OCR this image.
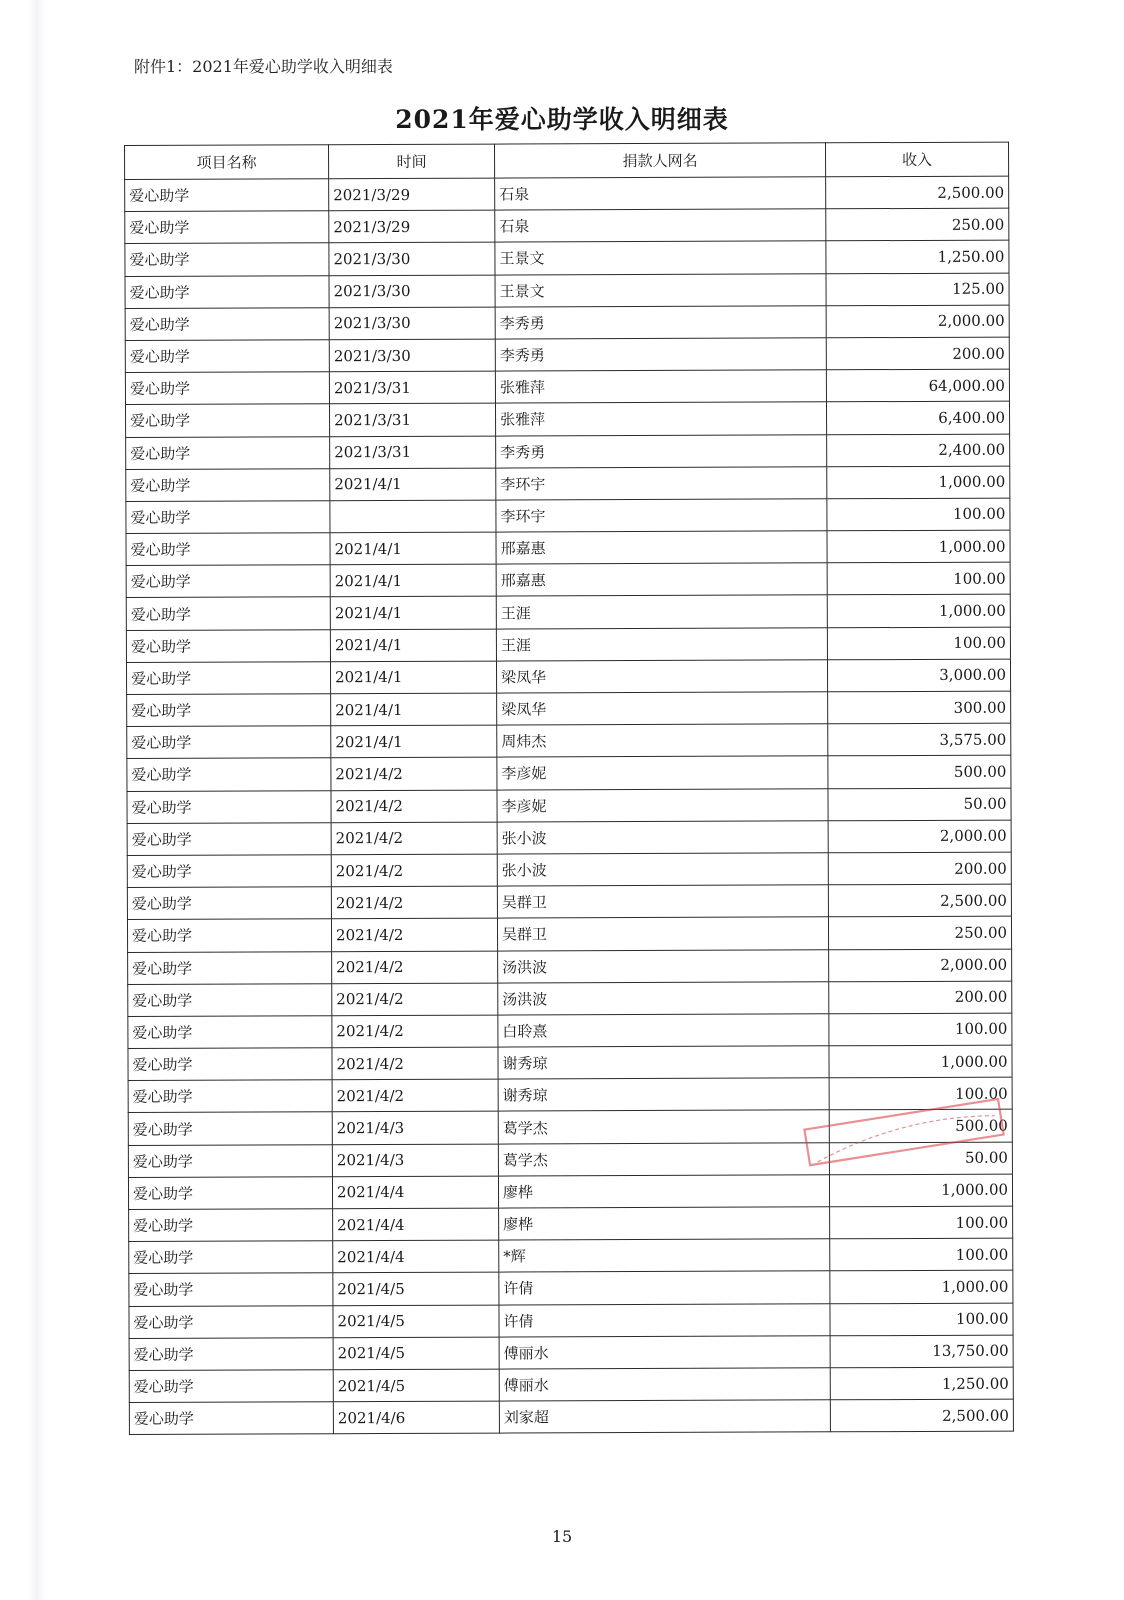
附件1：2021年爱心助学收入明细表
2021年爱心助学收入明细表
项目名称	时间	捐款人网名	收入
爱心助学	2021/3/29	石泉	2,500.00
爱心助学	2021/3/29	石泉	250.00
爱心助学	2021/3/30	王景文	1,250.00
爱心助学	2021/3/30	王景文	125.00
爱心助学	2021/3/30	李秀勇	2,000.00
爱心助学	2021/3/30	李秀勇	200.00
爱心助学	2021/3/31	张雅萍	64,000.00
爱心助学	2021/3/31	张雅萍	6,400.00
爱心助学	2021/3/31	李秀勇	2,400.00
爱心助学	2021/4/1	李环宇	1,000.00
爱心助学		李环宇	100.00
爱心助学	2021/4/1	邢嘉惠	1,000.00
爱心助学	2021/4/1	邢嘉惠	100.00
爱心助学	2021/4/1	王涯	1,000.00
爱心助学	2021/4/1	王涯	100.00
爱心助学	2021/4/1	梁凤华	3,000.00
爱心助学	2021/4/1	梁凤华	300.00
爱心助学	2021/4/1	周炜杰	3,575.00
爱心助学	2021/4/2	李彦妮	500.00
爱心助学	2021/4/2	李彦妮	50.00
爱心助学	2021/4/2	张小波	2,000.00
爱心助学	2021/4/2	张小波	200.00
爱心助学	2021/4/2	吴群卫	2,500.00
爱心助学	2021/4/2	吴群卫	250.00
爱心助学	2021/4/2	汤洪波	2,000.00
爱心助学	2021/4/2	汤洪波	200.00
爱心助学	2021/4/2	白聆熹	100.00
爱心助学	2021/4/2	谢秀琼	1,000.00
爱心助学	2021/4/2	谢秀琼	100.00
爱心助学	2021/4/3	葛学杰	500.00
爱心助学	2021/4/3	葛学杰	50.00
爱心助学	2021/4/4	廖桦	1,000.00
爱心助学	2021/4/4	廖桦	100.00
爱心助学	2021/4/4	*辉	100.00
爱心助学	2021/4/5	许倩	1,000.00
爱心助学	2021/4/5	许倩	100.00
爱心助学	2021/4/5	傅丽水	13,750.00
爱心助学	2021/4/5	傅丽水	1,250.00
爱心助学	2021/4/6	刘家超	2,500.00
15
